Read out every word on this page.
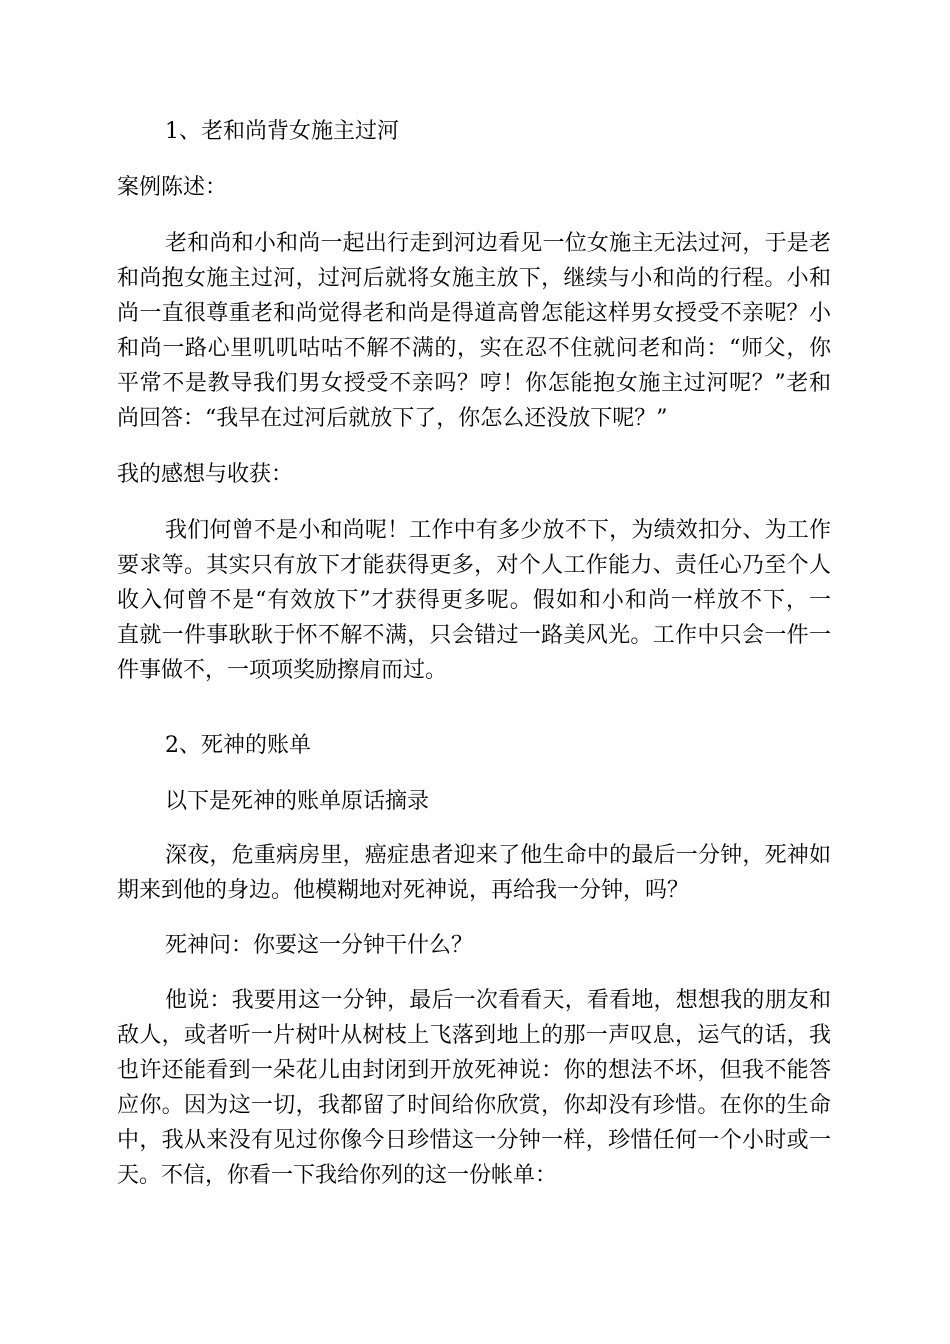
1、老和尚背女施主过河
案例陈述：
老和尚和小和尚一起出行走到河边看见一位女施主无法过河，于是老
和尚抱女施主过河，过河后就将女施主放下，继续与小和尚的行程。小和
尚一直很尊重老和尚觉得老和尚是得道高曾怎能这样男女授受不亲呢？小
和尚一路心里叽叽咕咕不解不满的，实在忍不住就问老和尚：“师父，你
平常不是教导我们男女授受不亲吗？哼！你怎能抱女施主过河呢？”老和
尚回答：“我早在过河后就放下了，你怎么还没放下呢？”
我的感想与收获：
我们何曾不是小和尚呢！工作中有多少放不下，为绩效扣分、为工作
要求等。其实只有放下才能获得更多，对个人工作能力、责任心乃至个人
收入何曾不是“有效放下”才获得更多呢。假如和小和尚一样放不下，一
直就一件事耿耿于怀不解不满，只会错过一路美风光。工作中只会一件一
件事做不，一项项奖励擦肩而过。
2、死神的账单
以下是死神的账单原话摘录
深夜，危重病房里，癌症患者迎来了他生命中的最后一分钟，死神如
期来到他的身边。他模糊地对死神说，再给我一分钟，吗？
死神问：你要这一分钟干什么？
他说：我要用这一分钟，最后一次看看天，看看地，想想我的朋友和
敌人，或者听一片树叶从树枝上飞落到地上的那一声叹息，运气的话，我
也许还能看到一朵花儿由封闭到开放死神说：你的想法不坏，但我不能答
应你。因为这一切，我都留了时间给你欣赏，你却没有珍惜。在你的生命
中，我从来没有见过你像今日珍惜这一分钟一样，珍惜任何一个小时或一
天。不信，你看一下我给你列的这一份帐单：
